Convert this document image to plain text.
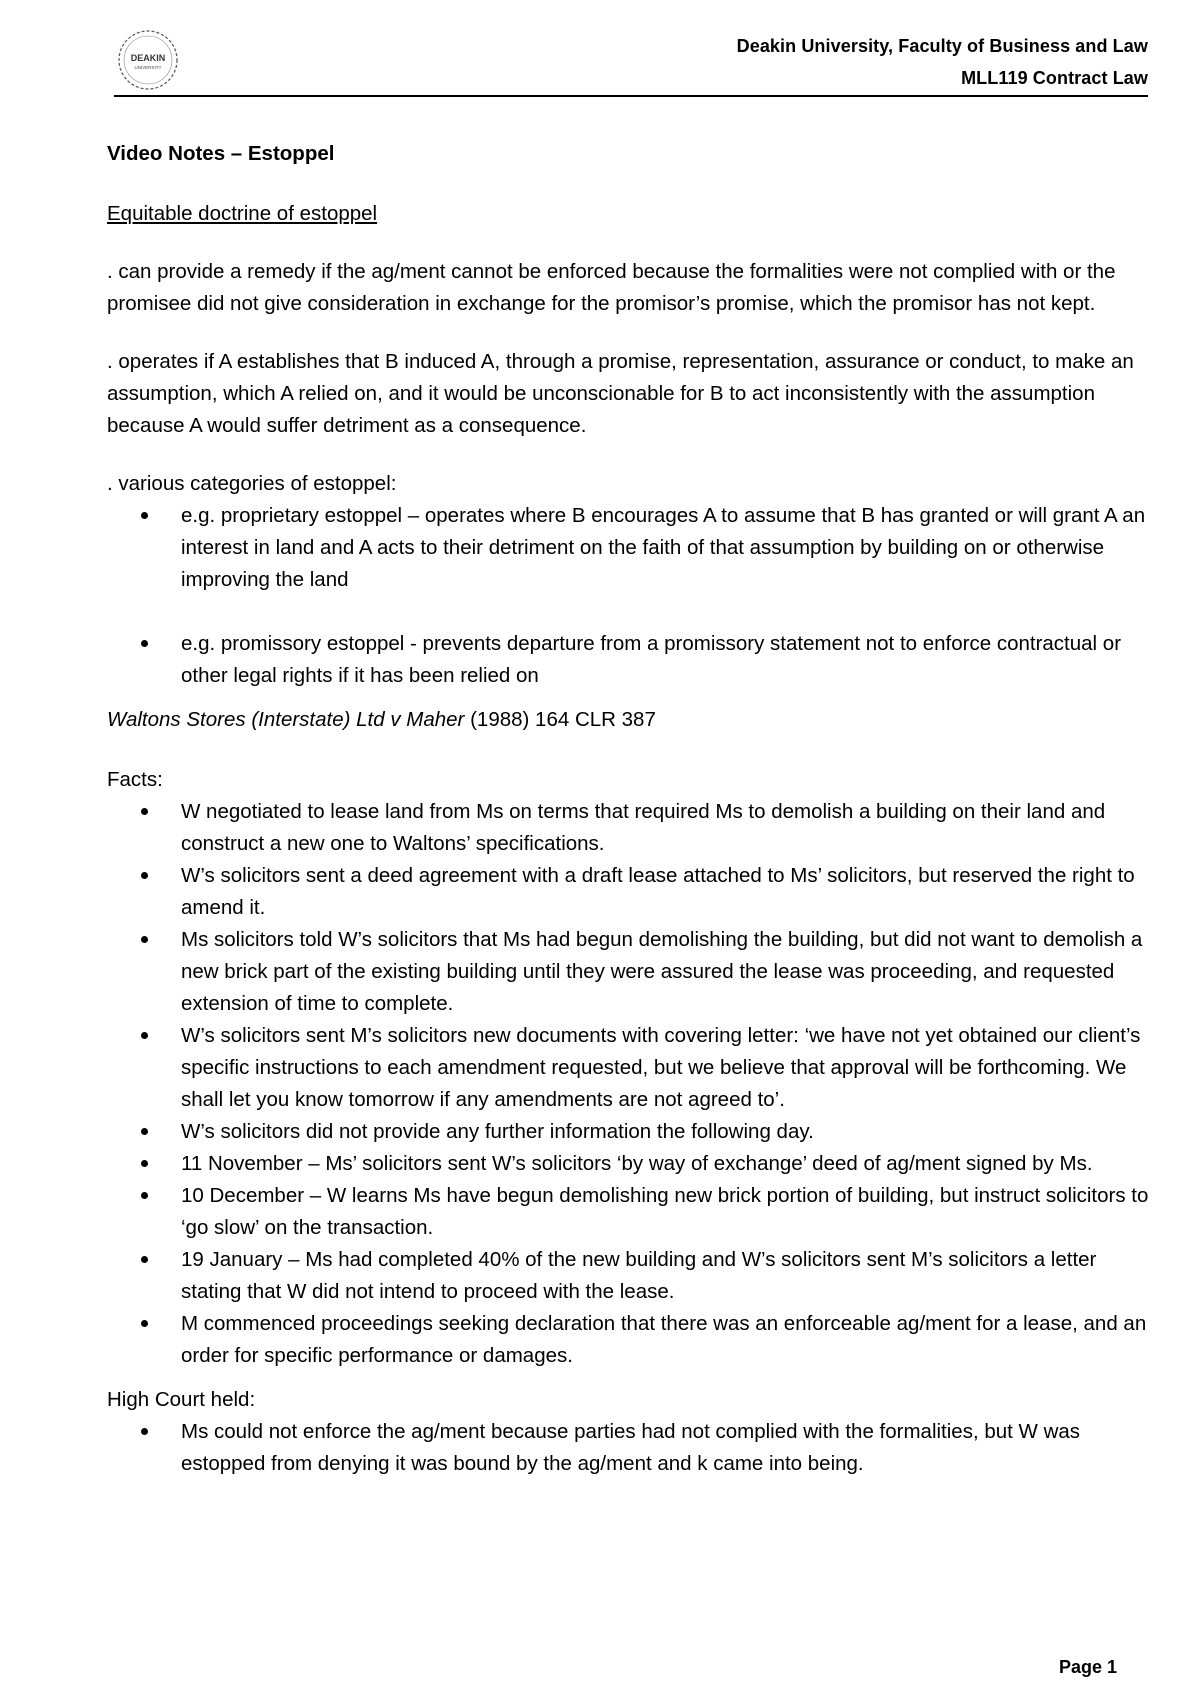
DEAKIN
UNIVERSITY
Deakin University, Faculty of Business and Law
MLL119 Contract Law

Video Notes – Estoppel

Equitable doctrine of estoppel

. can provide a remedy if the ag/ment cannot be enforced because the formalities were not complied with or the promisee did not give consideration in exchange for the promisor’s promise, which the promisor has not kept.

. operates if A establishes that B induced A, through a promise, representation, assurance or conduct, to make an assumption, which A relied on, and it would be unconscionable for B to act inconsistently with the assumption because A would suffer detriment as a consequence.

. various categories of estoppel:

e.g. proprietary estoppel – operates where B encourages A to assume that B has granted or will grant A an interest in land and A acts to their detriment on the faith of that assumption by building on or otherwise improving the land
e.g. promissory estoppel - prevents departure from a promissory statement not to enforce contractual or other legal rights if it has been relied on

Waltons Stores (Interstate) Ltd v Maher (1988) 164 CLR 387

Facts:

W negotiated to lease land from Ms on terms that required Ms to demolish a building on their land and construct a new one to Waltons’ specifications.
W’s solicitors sent a deed agreement with a draft lease attached to Ms’ solicitors, but reserved the right to amend it.
Ms solicitors told W’s solicitors that Ms had begun demolishing the building, but did not want to demolish a new brick part of the existing building until they were assured the lease was proceeding, and requested extension of time to complete.
W’s solicitors sent M’s solicitors new documents with covering letter: ‘we have not yet obtained our client’s specific instructions to each amendment requested, but we believe that approval will be forthcoming. We shall let you know tomorrow if any amendments are not agreed to’.
W’s solicitors did not provide any further information the following day.
11 November – Ms’ solicitors sent W’s solicitors ‘by way of exchange’ deed of ag/ment signed by Ms.
10 December – W learns Ms have begun demolishing new brick portion of building, but instruct solicitors to ‘go slow’ on the transaction.
19 January – Ms had completed 40% of the new building and W’s solicitors sent M’s solicitors a letter stating that W did not intend to proceed with the lease.
M commenced proceedings seeking declaration that there was an enforceable ag/ment for a lease, and an order for specific performance or damages.

High Court held:

Ms could not enforce the ag/ment because parties had not complied with the formalities, but W was estopped from denying it was bound by the ag/ment and k came into being.
Page 1
